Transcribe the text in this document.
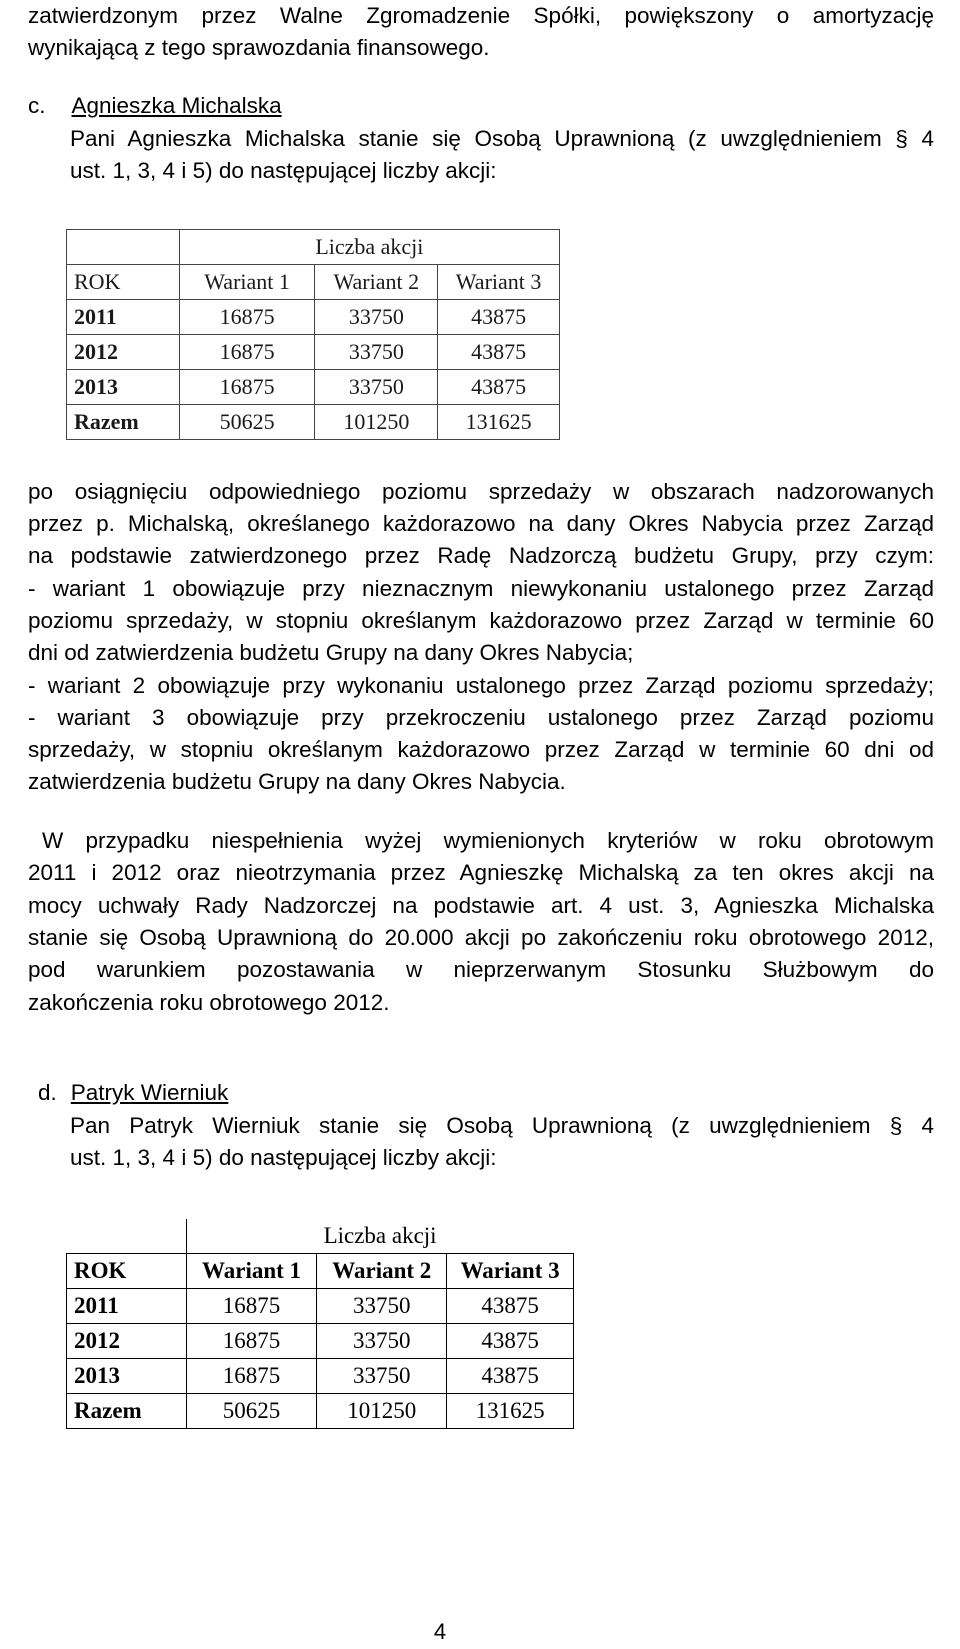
zatwierdzonym przez Walne Zgromadzenie Spółki, powiększony o amortyzację
wynikającą z tego sprawozdania finansowego.
c. Agnieszka Michalska
Pani Agnieszka Michalska stanie się Osobą Uprawnioną (z uwzględnieniem § 4
ust. 1, 3, 4 i 5) do następującej liczby akcji:
	Liczba akcji		
ROK	Wariant 1	Wariant 2	Wariant 3
2011	16875	33750	43875
2012	16875	33750	43875
2013	16875	33750	43875
Razem	50625	101250	131625
po osiągnięciu odpowiedniego poziomu sprzedaży w obszarach nadzorowanych
przez p. Michalską, określanego każdorazowo na dany Okres Nabycia przez Zarząd
na podstawie zatwierdzonego przez Radę Nadzorczą budżetu Grupy, przy czym:
- wariant 1 obowiązuje przy nieznacznym niewykonaniu ustalonego przez Zarząd
poziomu sprzedaży, w stopniu określanym każdorazowo przez Zarząd w terminie 60
dni od zatwierdzenia budżetu Grupy na dany Okres Nabycia;
- wariant 2 obowiązuje przy wykonaniu ustalonego przez Zarząd poziomu sprzedaży;
- wariant 3 obowiązuje przy przekroczeniu ustalonego przez Zarząd poziomu
sprzedaży, w stopniu określanym każdorazowo przez Zarząd w terminie 60 dni od
zatwierdzenia budżetu Grupy na dany Okres Nabycia.
W przypadku niespełnienia wyżej wymienionych kryteriów w roku obrotowym
2011 i 2012 oraz nieotrzymania przez Agnieszkę Michalską za ten okres akcji na
mocy uchwały Rady Nadzorczej na podstawie art. 4 ust. 3, Agnieszka Michalska
stanie się Osobą Uprawnioną do 20.000 akcji po zakończeniu roku obrotowego 2012,
pod warunkiem pozostawania w nieprzerwanym Stosunku Służbowym do
zakończenia roku obrotowego 2012.
d. Patryk Wierniuk
Pan Patryk Wierniuk stanie się Osobą Uprawnioną (z uwzględnieniem § 4
ust. 1, 3, 4 i 5) do następującej liczby akcji:
	Liczba akcji		
ROK	Wariant 1	Wariant 2	Wariant 3
2011	16875	33750	43875
2012	16875	33750	43875
2013	16875	33750	43875
Razem	50625	101250	131625
4
